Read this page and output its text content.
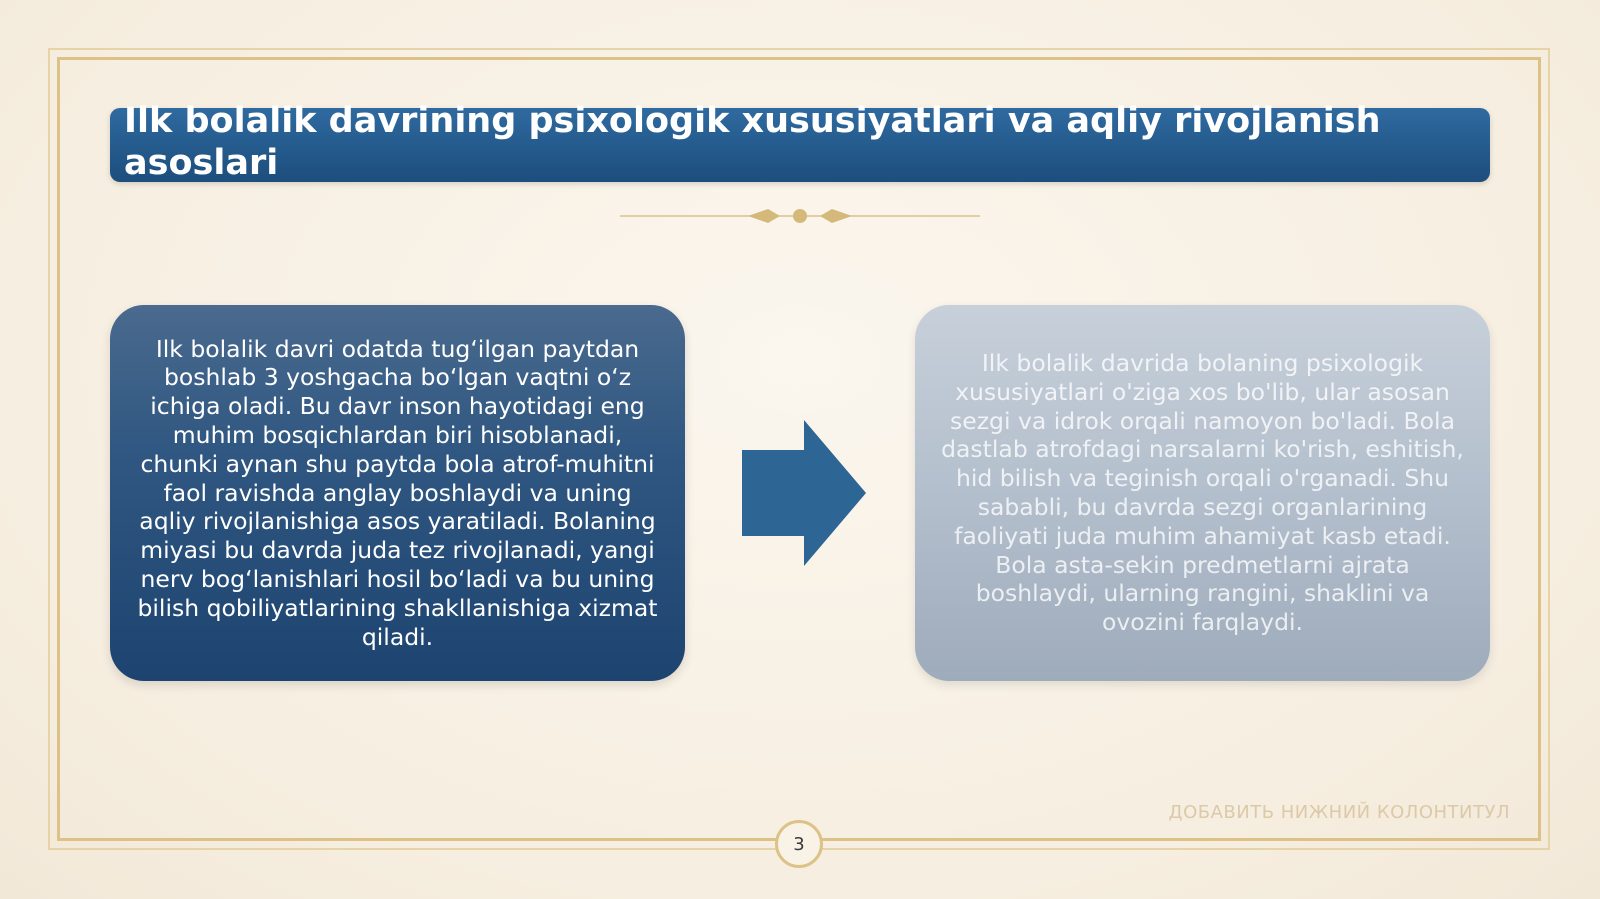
Ilk bolalik davrining psixologik xususiyatlari va aqliy rivojlanish asoslari

Ilk bolalik davri odatda tug‘ilgan paytdan boshlab 3 yoshgacha bo‘lgan vaqtni o‘z ichiga oladi. Bu davr inson hayotidagi eng muhim bosqichlardan biri hisoblanadi, chunki aynan shu paytda bola atrof-muhitni faol ravishda anglay boshlaydi va uning aqliy rivojlanishiga asos yaratiladi. Bolaning miyasi bu davrda juda tez rivojlanadi, yangi nerv bog‘lanishlari hosil bo‘ladi va bu uning bilish qobiliyatlarining shakllanishiga xizmat qiladi.

Ilk bolalik davrida bolaning psixologik xususiyatlari o'ziga xos bo'lib, ular asosan sezgi va idrok orqali namoyon bo'ladi. Bola dastlab atrofdagi narsalarni ko'rish, eshitish, hid bilish va teginish orqali o'rganadi. Shu sababli, bu davrda sezgi organlarining faoliyati juda muhim ahamiyat kasb etadi. Bola asta-sekin predmetlarni ajrata boshlaydi, ularning rangini, shaklini va ovozini farqlaydi.

ДОБАВИТЬ НИЖНИЙ КОЛОНТИТУЛ
3
